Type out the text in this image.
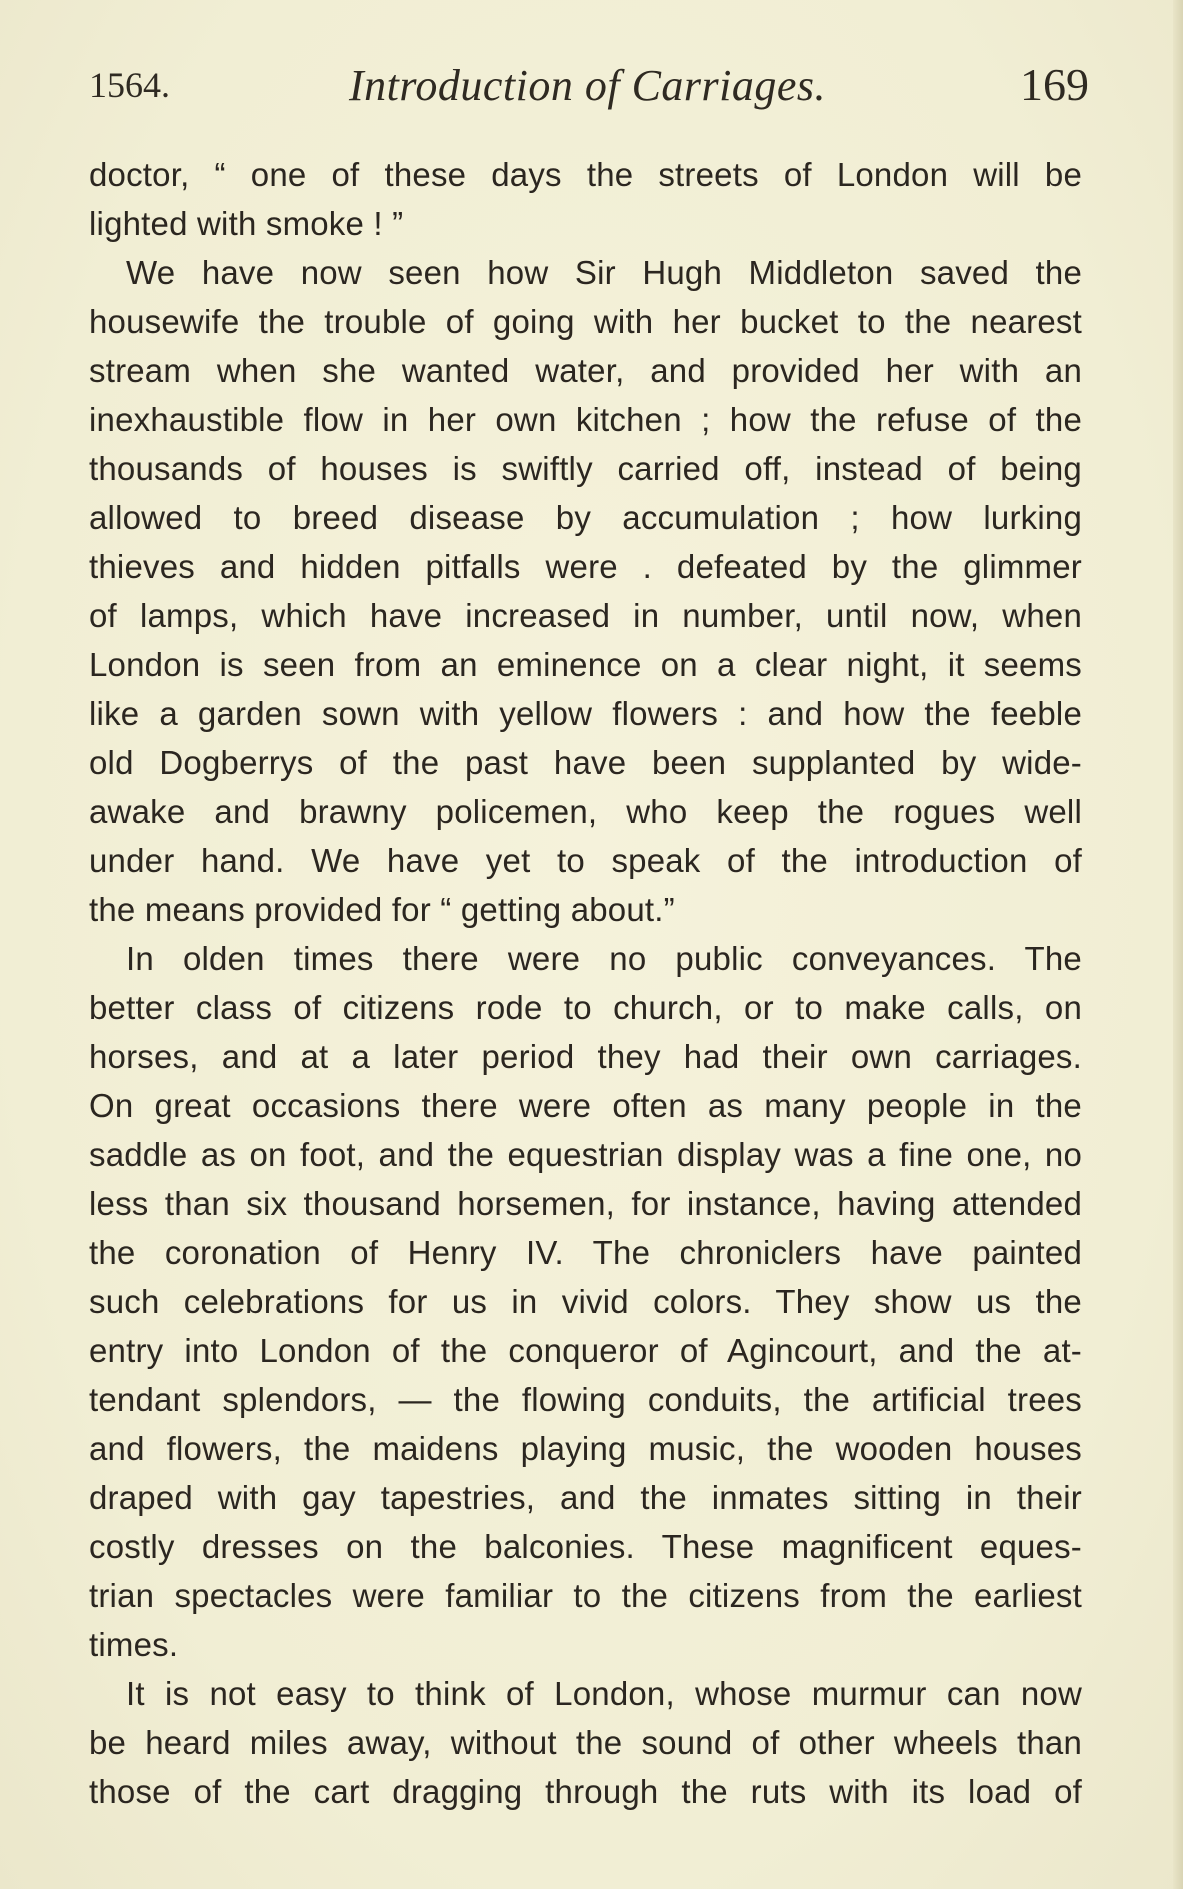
1564.	Introduction of Carriages.	169
doctor, “ one of these days the streets of London will be
lighted with smoke ! ”
We have now seen how Sir Hugh Middleton saved the
housewife the trouble of going with her bucket to the nearest
stream when she wanted water, and provided her with an
inexhaustible flow in her own kitchen ; how the refuse of the
thousands of houses is swiftly carried off, instead of being
allowed to breed disease by accumulation ; how lurking
thieves and hidden pitfalls were . defeated by the glimmer
of lamps, which have increased in number, until now, when
London is seen from an eminence on a clear night, it seems
like a garden sown with yellow flowers : and how the feeble
old Dogberrys of the past have been supplanted by wide-
awake and brawny policemen, who keep the rogues well
under hand. We have yet to speak of the introduction of
the means provided for “ getting about.”
In olden times there were no public conveyances. The
better class of citizens rode to church, or to make calls, on
horses, and at a later period they had their own carriages.
On great occasions there were often as many people in the
saddle as on foot, and the equestrian display was a fine one, no
less than six thousand horsemen, for instance, having attended
the coronation of Henry IV. The chroniclers have painted
such celebrations for us in vivid colors. They show us the
entry into London of the conqueror of Agincourt, and the at-
tendant splendors, — the flowing conduits, the artificial trees
and flowers, the maidens playing music, the wooden houses
draped with gay tapestries, and the inmates sitting in their
costly dresses on the balconies. These magnificent eques-
trian spectacles were familiar to the citizens from the earliest
times.
It is not easy to think of London, whose murmur can now
be heard miles away, without the sound of other wheels than
those of the cart dragging through the ruts with its load of
